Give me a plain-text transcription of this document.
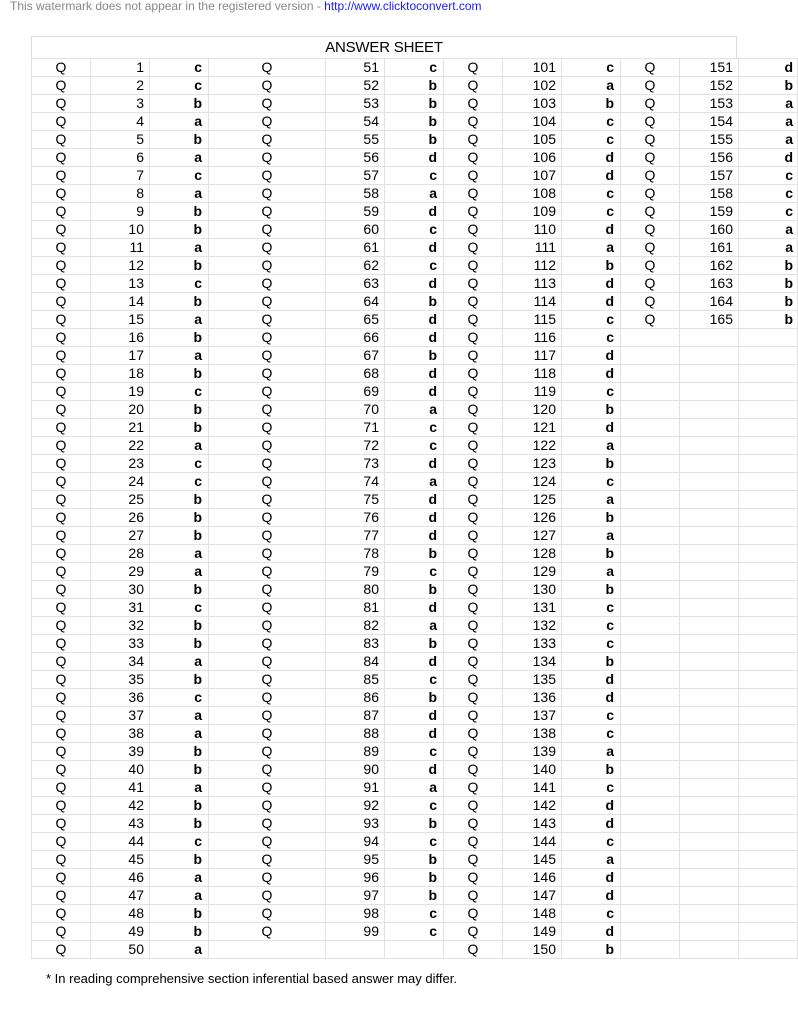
This watermark does not appear in the registered version - http://www.clicktoconvert.com
ANSWER SHEET
Q	1	c	Q	51	c	Q	101	c	Q	151	d
Q	2	c	Q	52	b	Q	102	a	Q	152	b
Q	3	b	Q	53	b	Q	103	b	Q	153	a
Q	4	a	Q	54	b	Q	104	c	Q	154	a
Q	5	b	Q	55	b	Q	105	c	Q	155	a
Q	6	a	Q	56	d	Q	106	d	Q	156	d
Q	7	c	Q	57	c	Q	107	d	Q	157	c
Q	8	a	Q	58	a	Q	108	c	Q	158	c
Q	9	b	Q	59	d	Q	109	c	Q	159	c
Q	10	b	Q	60	c	Q	110	d	Q	160	a
Q	11	a	Q	61	d	Q	111	a	Q	161	a
Q	12	b	Q	62	c	Q	112	b	Q	162	b
Q	13	c	Q	63	d	Q	113	d	Q	163	b
Q	14	b	Q	64	b	Q	114	d	Q	164	b
Q	15	a	Q	65	d	Q	115	c	Q	165	b
Q	16	b	Q	66	d	Q	116	c			
Q	17	a	Q	67	b	Q	117	d			
Q	18	b	Q	68	d	Q	118	d			
Q	19	c	Q	69	d	Q	119	c			
Q	20	b	Q	70	a	Q	120	b			
Q	21	b	Q	71	c	Q	121	d			
Q	22	a	Q	72	c	Q	122	a			
Q	23	c	Q	73	d	Q	123	b			
Q	24	c	Q	74	a	Q	124	c			
Q	25	b	Q	75	d	Q	125	a			
Q	26	b	Q	76	d	Q	126	b			
Q	27	b	Q	77	d	Q	127	a			
Q	28	a	Q	78	b	Q	128	b			
Q	29	a	Q	79	c	Q	129	a			
Q	30	b	Q	80	b	Q	130	b			
Q	31	c	Q	81	d	Q	131	c			
Q	32	b	Q	82	a	Q	132	c			
Q	33	b	Q	83	b	Q	133	c			
Q	34	a	Q	84	d	Q	134	b			
Q	35	b	Q	85	c	Q	135	d			
Q	36	c	Q	86	b	Q	136	d			
Q	37	a	Q	87	d	Q	137	c			
Q	38	a	Q	88	d	Q	138	c			
Q	39	b	Q	89	c	Q	139	a			
Q	40	b	Q	90	d	Q	140	b			
Q	41	a	Q	91	a	Q	141	c			
Q	42	b	Q	92	c	Q	142	d			
Q	43	b	Q	93	b	Q	143	d			
Q	44	c	Q	94	c	Q	144	c			
Q	45	b	Q	95	b	Q	145	a			
Q	46	a	Q	96	b	Q	146	d			
Q	47	a	Q	97	b	Q	147	d			
Q	48	b	Q	98	c	Q	148	c			
Q	49	b	Q	99	c	Q	149	d			
Q	50	a				Q	150	b			
* In reading comprehensive section inferential based answer may differ.
